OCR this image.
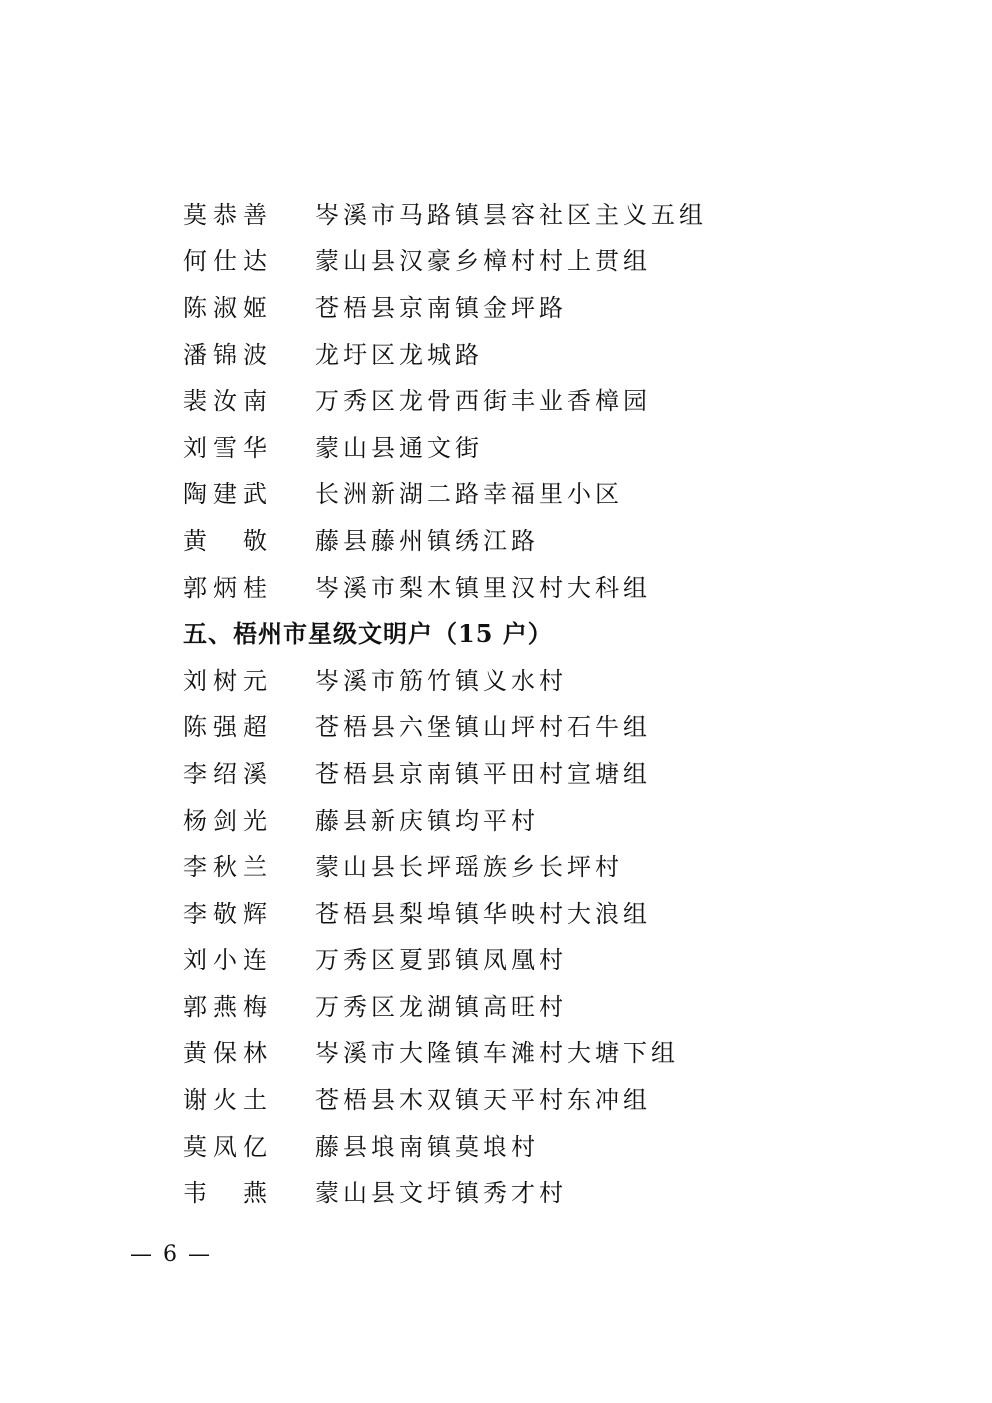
莫恭善	岑溪市马路镇昙容社区主义五组
何仕达	蒙山县汉豪乡樟村村上贯组
陈淑姬	苍梧县京南镇金坪路
潘锦波	龙圩区龙城路
裴汝南	万秀区龙骨西街丰业香樟园
刘雪华	蒙山县通文街
陶建武	长洲新湖二路幸福里小区
黄　敬	藤县藤州镇绣江路
郭炳桂	岑溪市梨木镇里汉村大科组
五、梧州市星级文明户（15 户）
刘树元	岑溪市筋竹镇义水村
陈强超	苍梧县六堡镇山坪村石牛组
李绍溪	苍梧县京南镇平田村宣塘组
杨剑光	藤县新庆镇均平村
李秋兰	蒙山县长坪瑶族乡长坪村
李敬辉	苍梧县梨埠镇华映村大浪组
刘小连	万秀区夏郢镇凤凰村
郭燕梅	万秀区龙湖镇高旺村
黄保林	岑溪市大隆镇车滩村大塘下组
谢火土	苍梧县木双镇天平村东冲组
莫凤亿	藤县埌南镇莫埌村
韦　燕	蒙山县文圩镇秀才村
— 6 —
